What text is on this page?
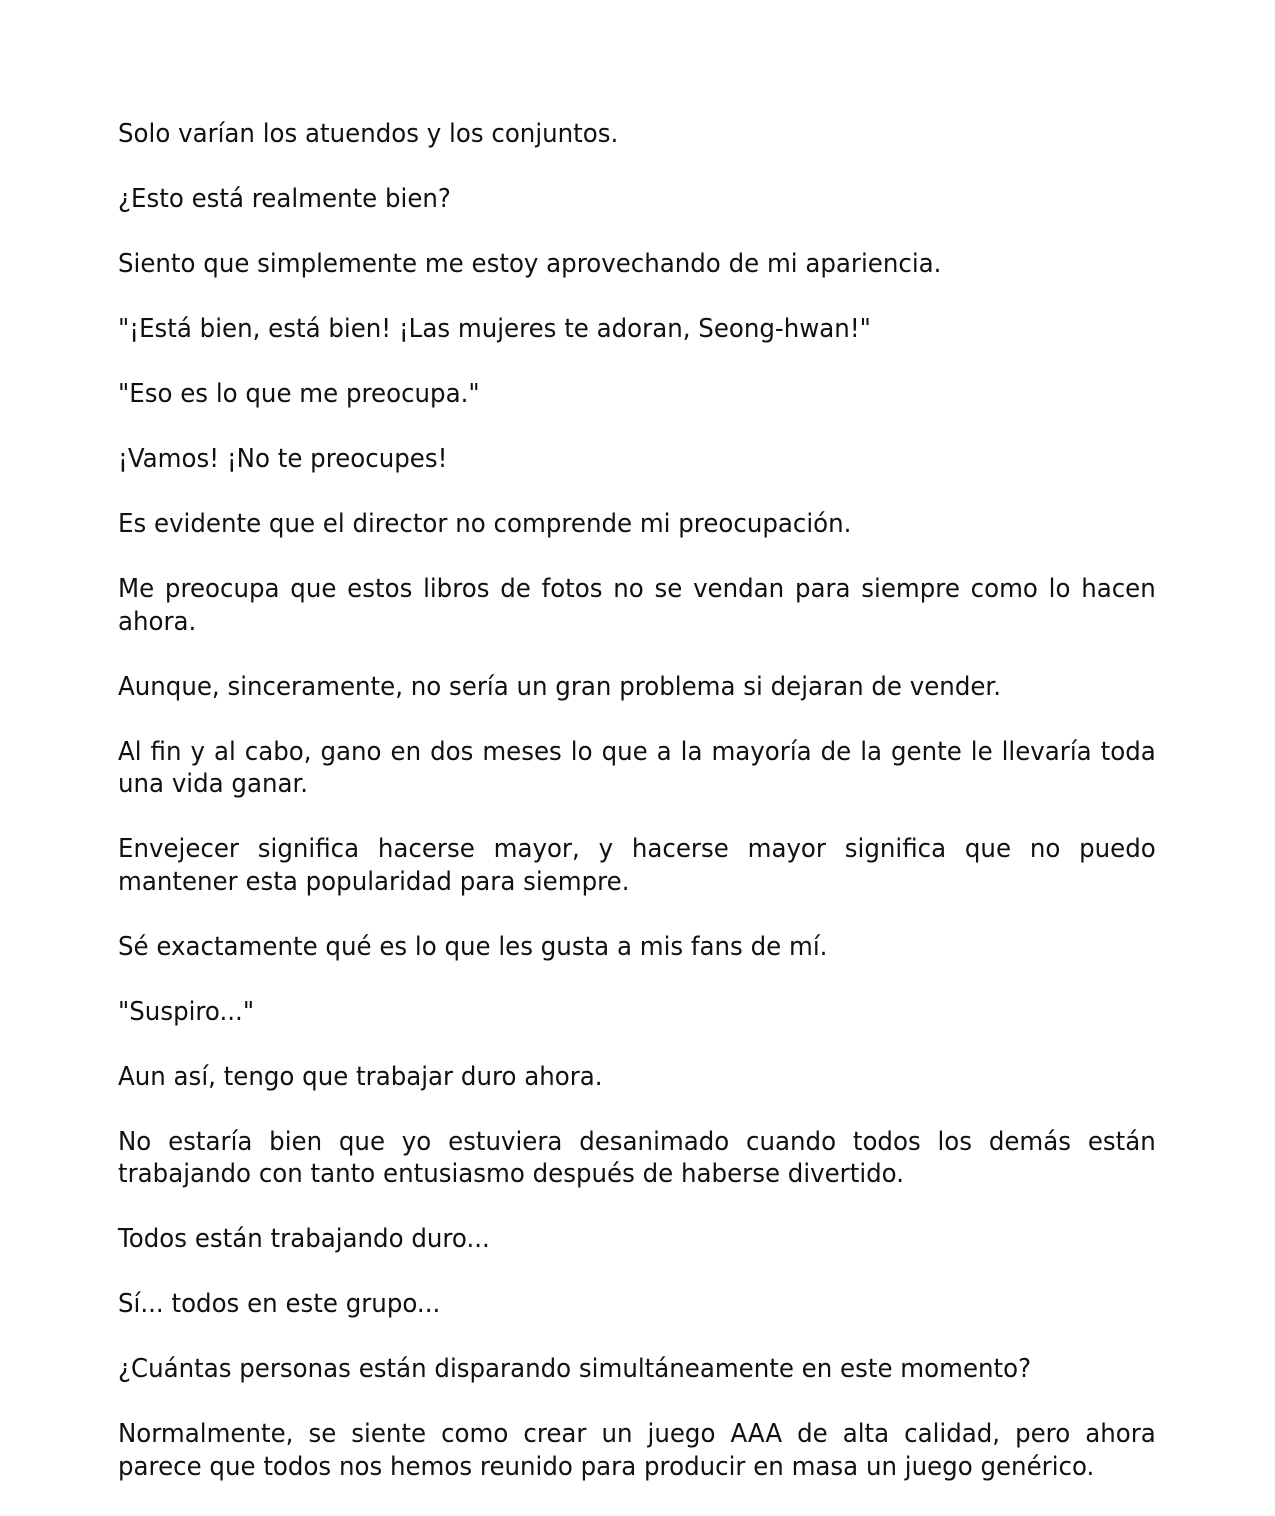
Solo varían los atuendos y los conjuntos.

¿Esto está realmente bien?

Siento que simplemente me estoy aprovechando de mi apariencia.

"¡Está bien, está bien! ¡Las mujeres te adoran, Seong-hwan!"

"Eso es lo que me preocupa."

¡Vamos! ¡No te preocupes!

Es evidente que el director no comprende mi preocupación.

Me preocupa que estos libros de fotos no se vendan para siempre como lo hacen ahora.

Aunque, sinceramente, no sería un gran problema si dejaran de vender.

Al fin y al cabo, gano en dos meses lo que a la mayoría de la gente le llevaría toda una vida ganar.

Envejecer significa hacerse mayor, y hacerse mayor significa que no puedo mantener esta popularidad para siempre.

Sé exactamente qué es lo que les gusta a mis fans de mí.

"Suspiro..."

Aun así, tengo que trabajar duro ahora.

No estaría bien que yo estuviera desanimado cuando todos los demás están trabajando con tanto entusiasmo después de haberse divertido.

Todos están trabajando duro...

Sí... todos en este grupo...

¿Cuántas personas están disparando simultáneamente en este momento?

Normalmente, se siente como crear un juego AAA de alta calidad, pero ahora parece que todos nos hemos reunido para producir en masa un juego genérico.
